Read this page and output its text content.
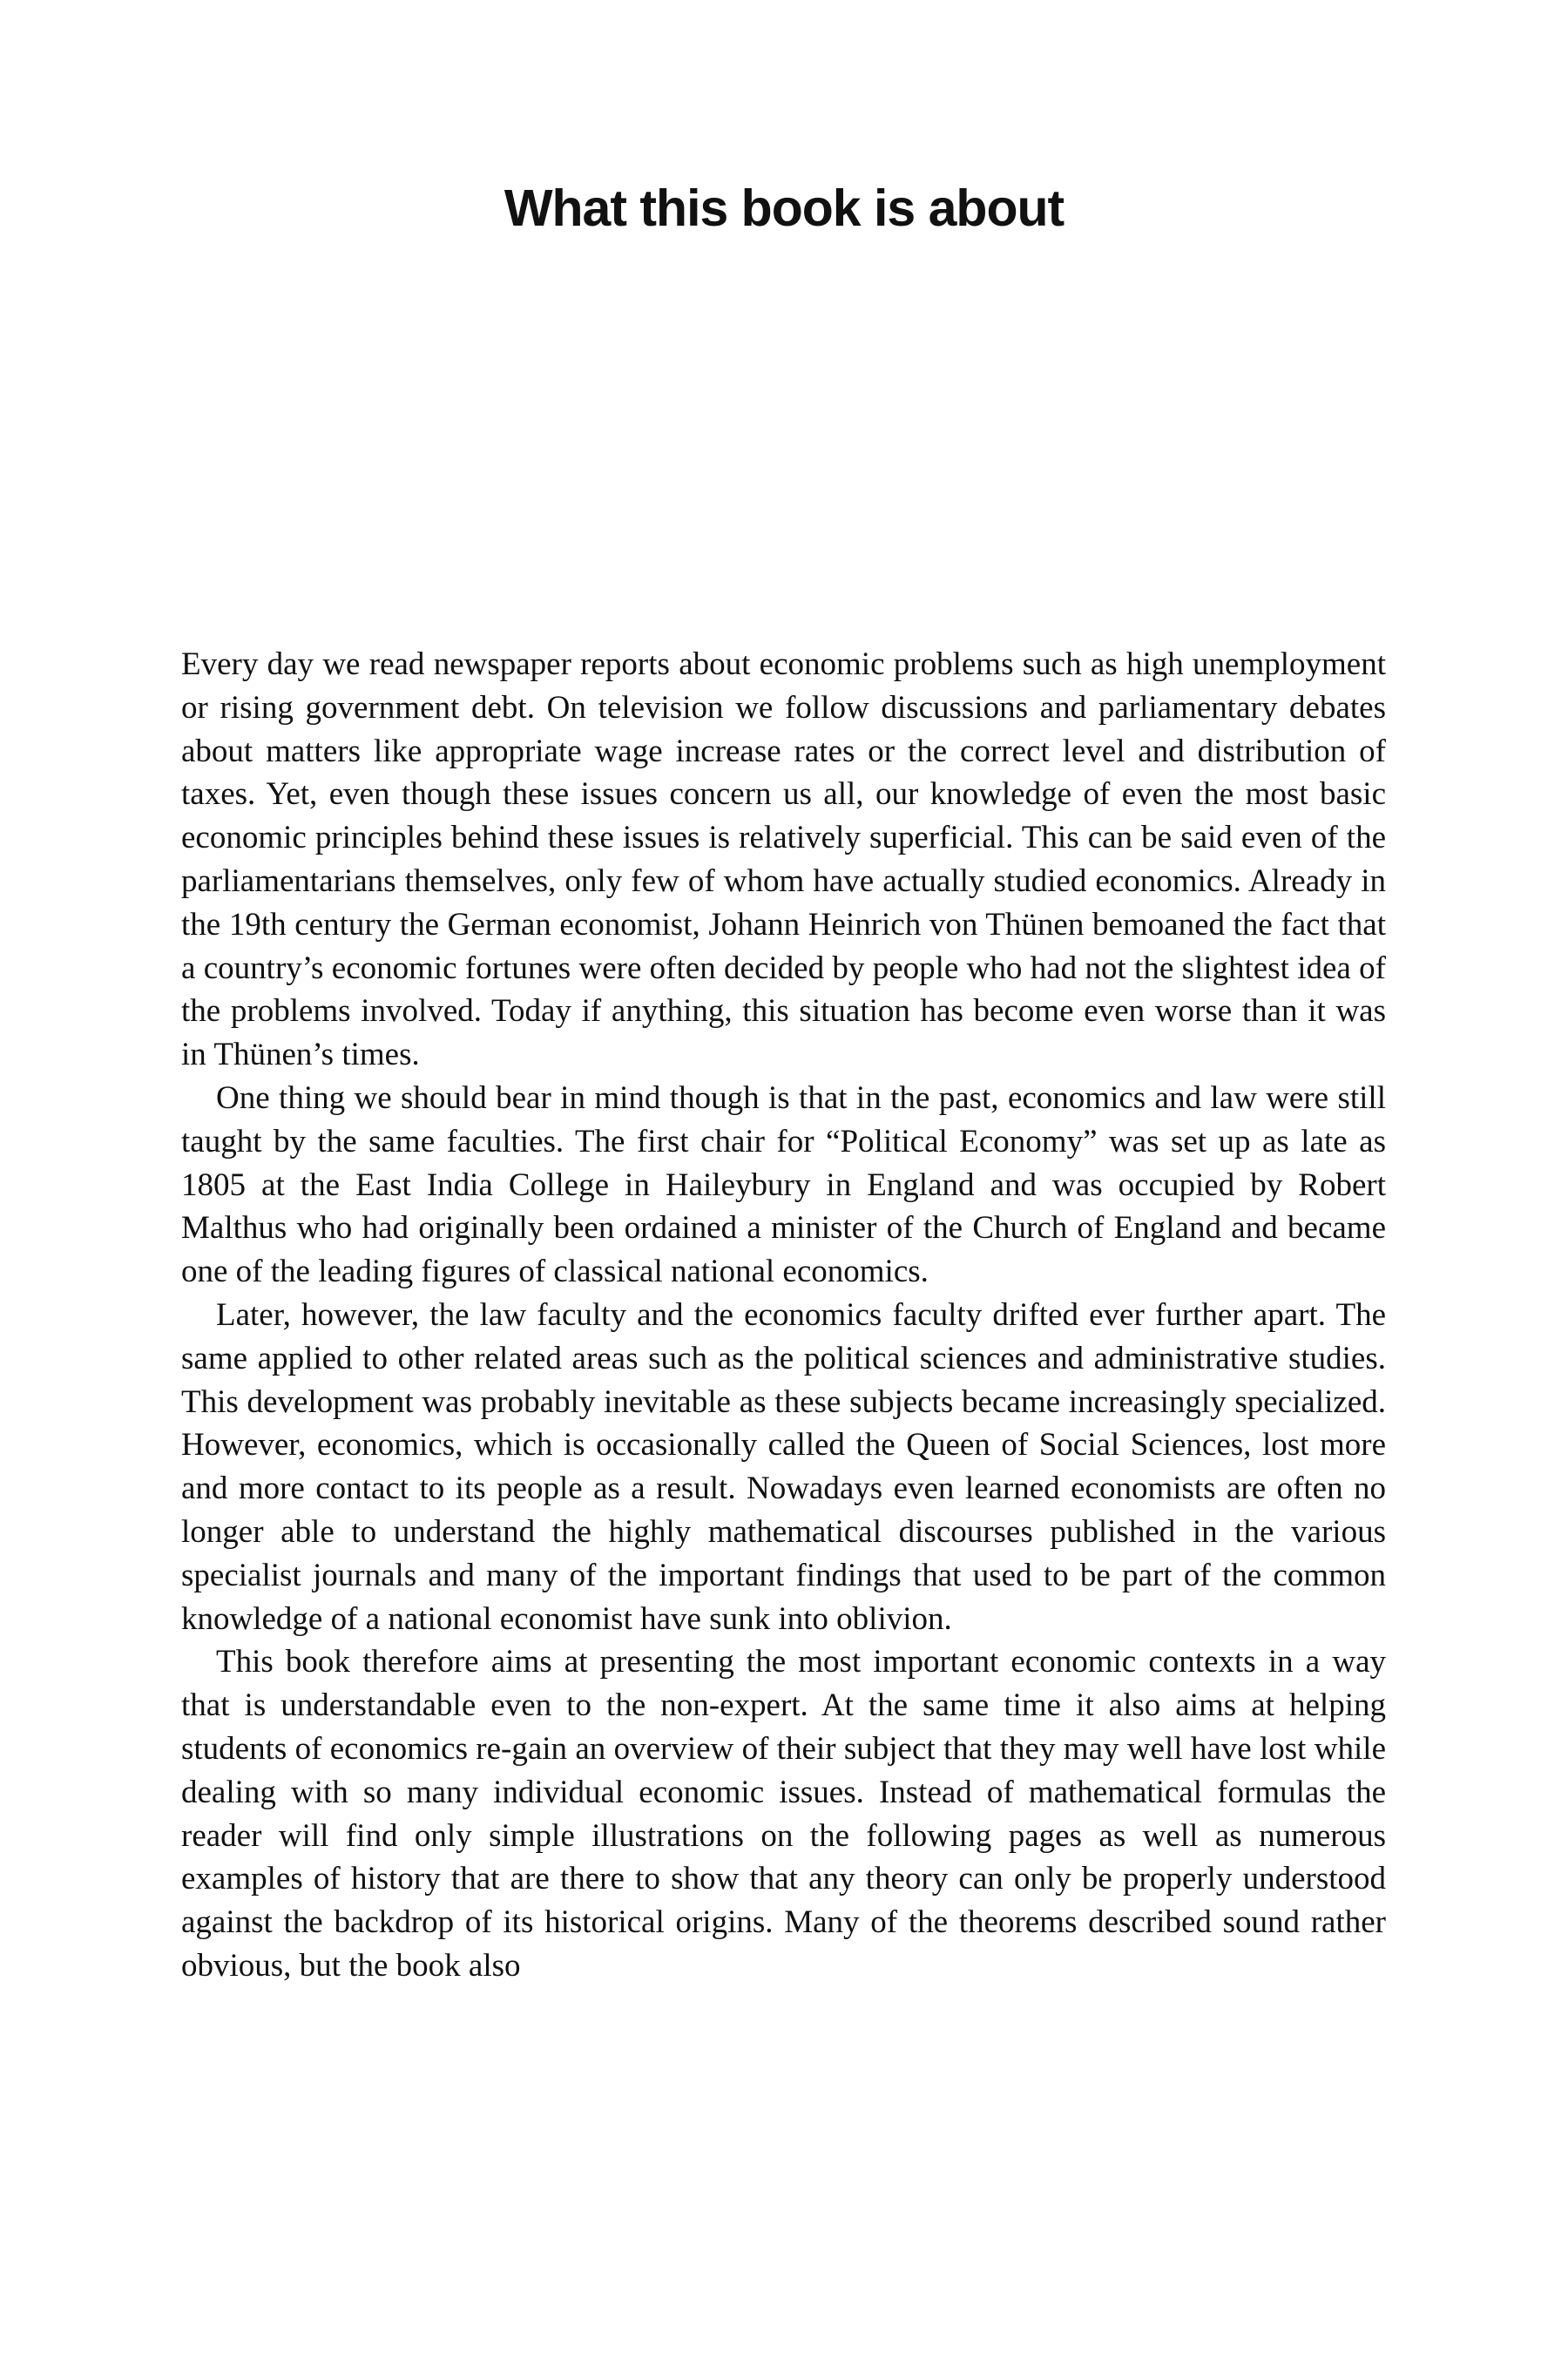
What this book is about

Every day we read newspaper reports about economic problems such as high unemployment or rising government debt. On television we follow discussions and parliamentary debates about matters like appropriate wage increase rates or the correct level and distribution of taxes. Yet, even though these issues concern us all, our knowledge of even the most basic economic principles behind these issues is relatively superficial. This can be said even of the parliamentarians themselves, only few of whom have actually studied economics. Already in the 19th century the German economist, Johann Heinrich von Thünen bemoaned the fact that a country’s economic fortunes were often decided by people who had not the slightest idea of the problems involved. Today if anything, this situation has become even worse than it was in Thünen’s times.

One thing we should bear in mind though is that in the past, economics and law were still taught by the same faculties. The first chair for “Political Economy” was set up as late as 1805 at the East India College in Haileybury in England and was occupied by Robert Malthus who had originally been ordained a minister of the Church of England and became one of the leading figures of classical national economics.

Later, however, the law faculty and the economics faculty drifted ever further apart. The same applied to other related areas such as the political sciences and administrative studies. This development was probably inevitable as these subjects became increasingly specialized. However, economics, which is occasionally called the Queen of Social Sciences, lost more and more contact to its people as a result. Nowadays even learned economists are often no longer able to understand the highly mathematical discourses published in the various specialist journals and many of the important findings that used to be part of the common knowledge of a national economist have sunk into oblivion.

This book therefore aims at presenting the most important economic contexts in a way that is understandable even to the non-expert. At the same time it also aims at helping students of economics re-gain an overview of their subject that they may well have lost while dealing with so many individual economic issues. Instead of mathematical formulas the reader will find only simple illustrations on the following pages as well as numerous examples of history that are there to show that any theory can only be properly understood against the backdrop of its historical origins. Many of the theorems described sound rather obvious, but the book also
